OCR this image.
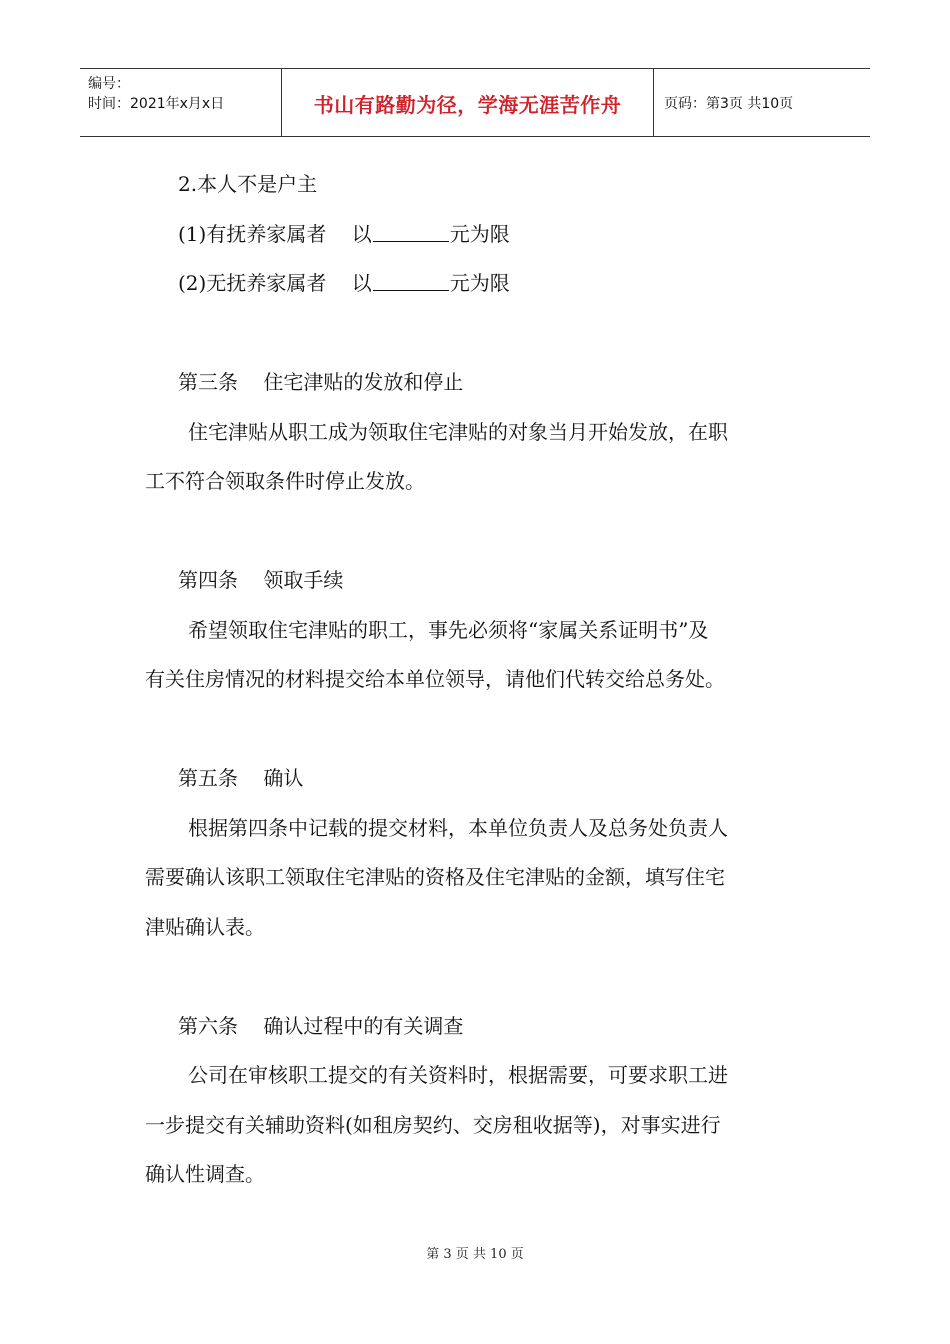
编号：
时间：2021年x月x日	书山有路勤为径，学海无涯苦作舟	页码：第3页 共10页

2.本人不是户主

(1)有抚养家属者    以	元为限

(2)无抚养家属者    以	元为限

第三条    住宅津贴的发放和停止

住宅津贴从职工成为领取住宅津贴的对象当月开始发放，在职

工不符合领取条件时停止发放。

第四条    领取手续

希望领取住宅津贴的职工，事先必须将“家属关系证明书”及

有关住房情况的材料提交给本单位领导，请他们代转交给总务处。

第五条    确认

根据第四条中记载的提交材料，本单位负责人及总务处负责人

需要确认该职工领取住宅津贴的资格及住宅津贴的金额，填写住宅

津贴确认表。

第六条    确认过程中的有关调查

公司在审核职工提交的有关资料时，根据需要，可要求职工进

一步提交有关辅助资料(如租房契约、交房租收据等)，对事实进行

确认性调查。

第 3 页 共 10 页
